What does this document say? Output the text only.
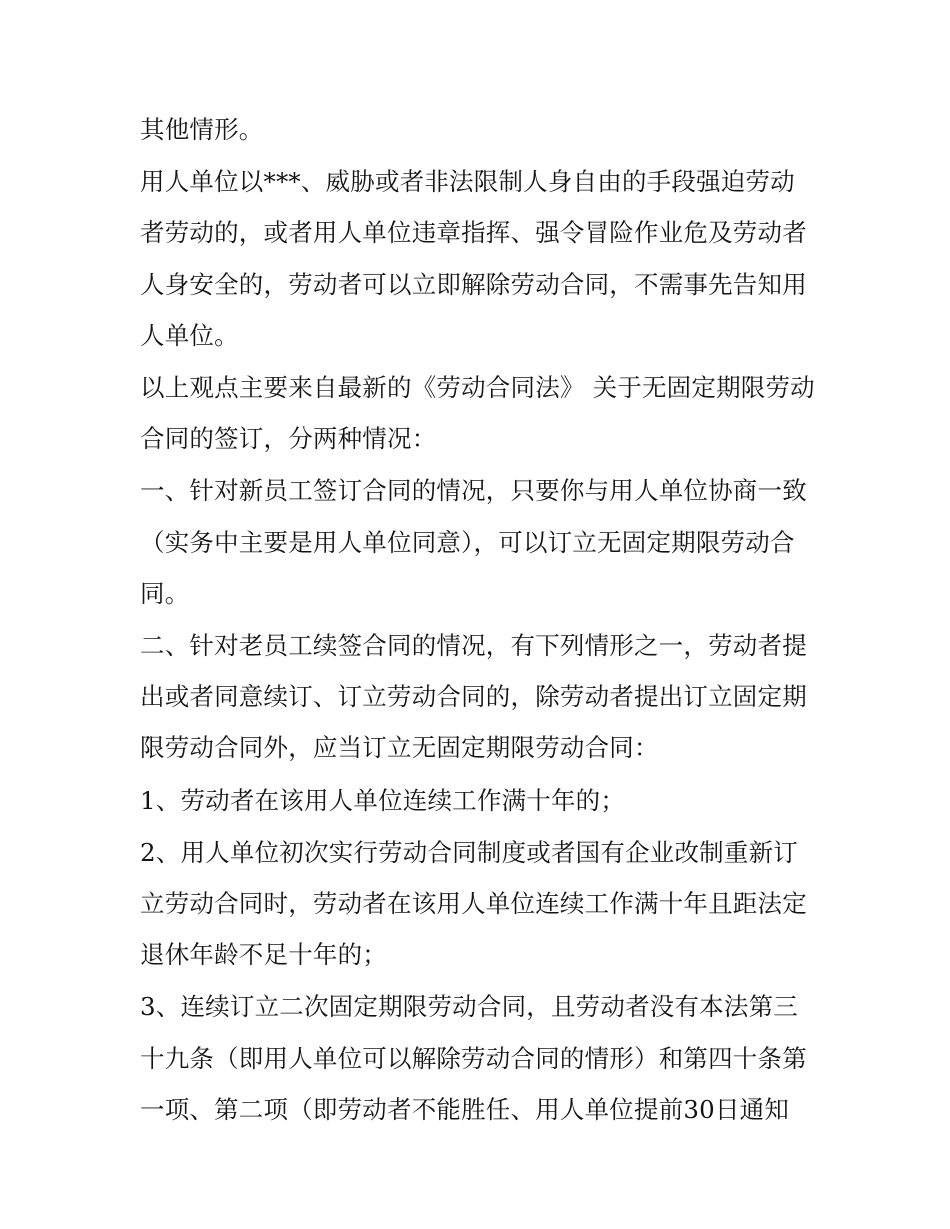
其他情形。

用人单位以***、威胁或者非法限制人身自由的手段强迫劳动者劳动的，或者用人单位违章指挥、强令冒险作业危及劳动者人身安全的，劳动者可以立即解除劳动合同，不需事先告知用人单位。

以上观点主要来自最新的《劳动合同法》 关于无固定期限劳动合同的签订，分两种情况：

一、针对新员工签订合同的情况，只要你与用人单位协商一致（实务中主要是用人单位同意），可以订立无固定期限劳动合同。

二、针对老员工续签合同的情况，有下列情形之一，劳动者提出或者同意续订、订立劳动合同的，除劳动者提出订立固定期限劳动合同外，应当订立无固定期限劳动合同：

1、劳动者在该用人单位连续工作满十年的；

2、用人单位初次实行劳动合同制度或者国有企业改制重新订立劳动合同时，劳动者在该用人单位连续工作满十年且距法定退休年龄不足十年的；

3、连续订立二次固定期限劳动合同，且劳动者没有本法第三十九条（即用人单位可以解除劳动合同的情形）和第四十条第一项、第二项（即劳动者不能胜任、用人单位提前30日通知
